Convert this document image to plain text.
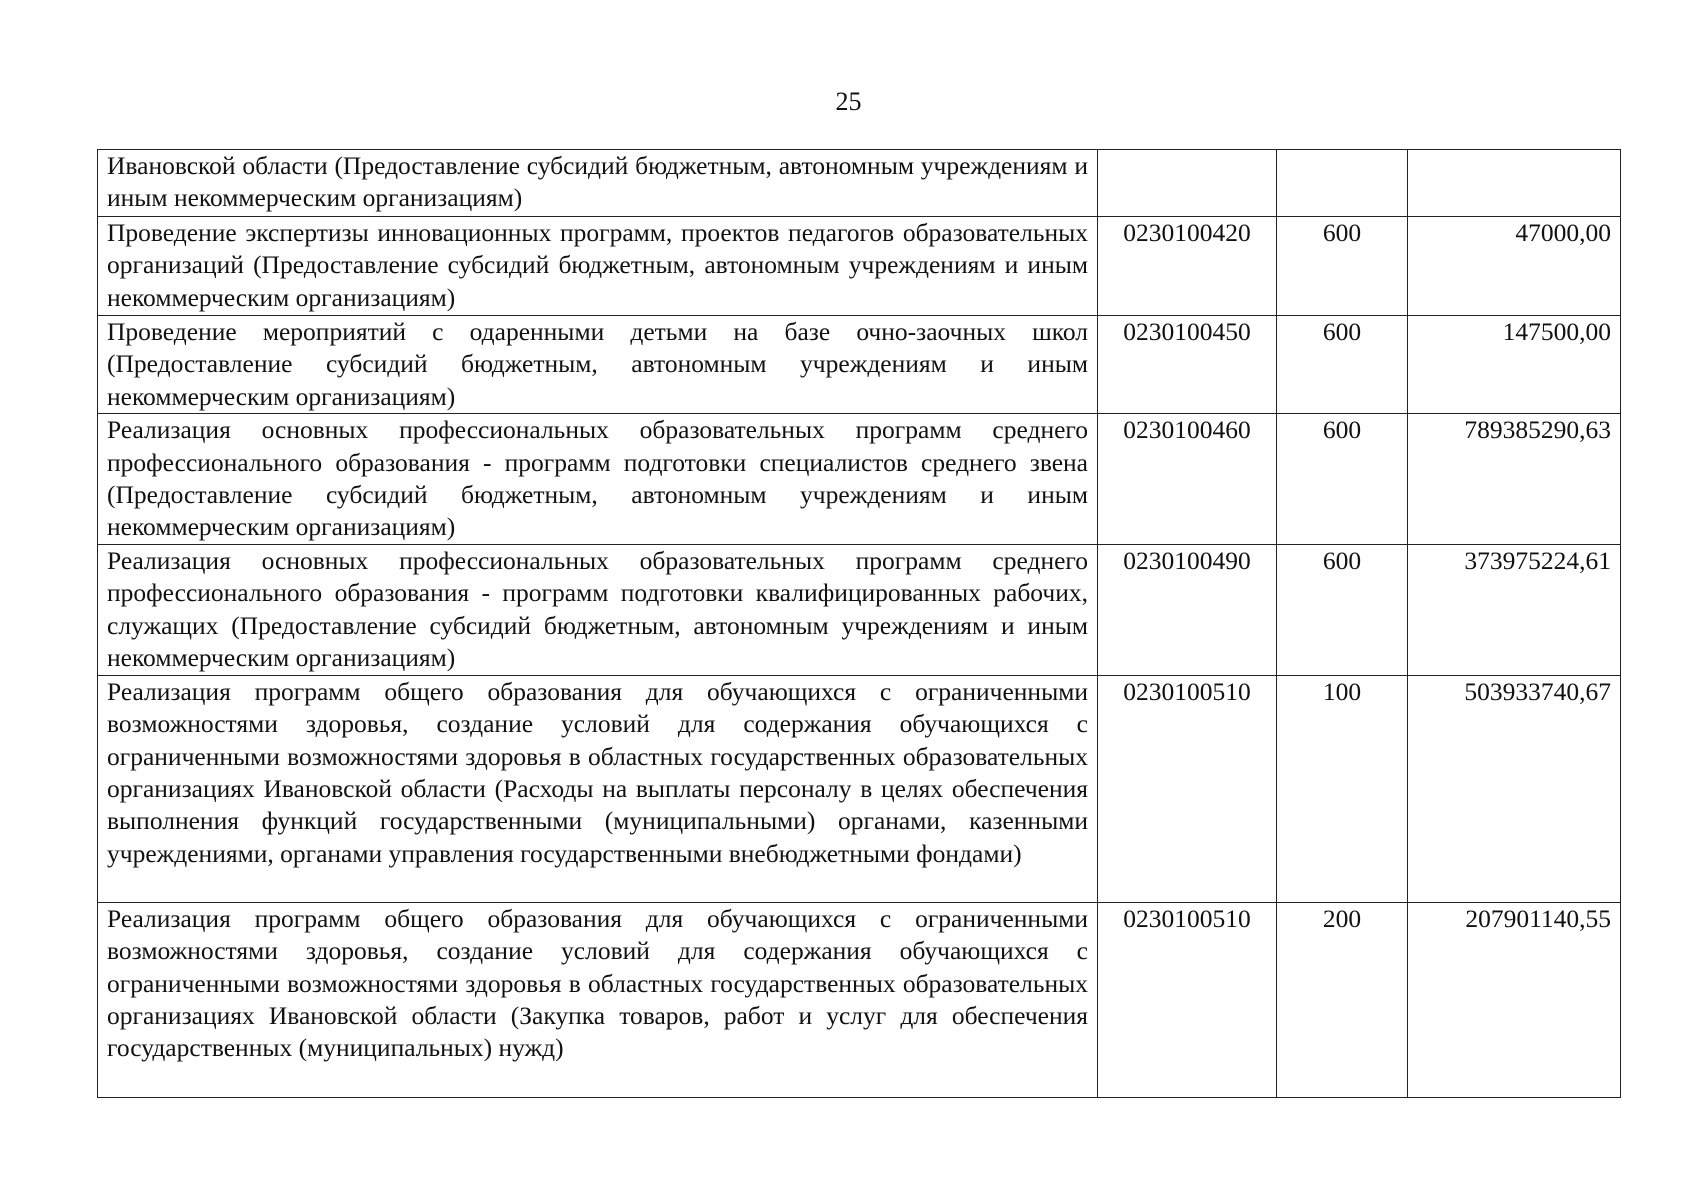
25
Ивановской области (Предоставление субсидий бюджетным, автономным учреждениям и иным некоммерческим организациям)			
Проведение экспертизы инновационных программ, проектов педагогов образовательных организаций (Предоставление субсидий бюджетным, автономным учреждениям и иным некоммерческим организациям)	0230100420	600	47000,00
Проведение мероприятий с одаренными детьми на базе очно-заочных школ (Предоставление субсидий бюджетным, автономным учреждениям и иным некоммерческим организациям)	0230100450	600	147500,00
Реализация основных профессиональных образовательных программ среднего профессионального образования - программ подготовки специалистов среднего звена (Предоставление субсидий бюджетным, автономным учреждениям и иным некоммерческим организациям)	0230100460	600	789385290,63
Реализация основных профессиональных образовательных программ среднего профессионального образования - программ подготовки квалифицированных рабочих, служащих (Предоставление субсидий бюджетным, автономным учреждениям и иным некоммерческим организациям)	0230100490	600	373975224,61
Реализация программ общего образования для обучающихся с ограниченными возможностями здоровья, создание условий для содержания обучающихся с ограниченными возможностями здоровья в областных государственных образовательных организациях Ивановской области (Расходы на выплаты персоналу в целях обеспечения выполнения функций государственными (муниципальными) органами, казенными учреждениями, органами управления государственными внебюджетными фондами)	0230100510	100	503933740,67
Реализация программ общего образования для обучающихся с ограниченными возможностями здоровья, создание условий для содержания обучающихся с ограниченными возможностями здоровья в областных государственных образовательных организациях Ивановской области (Закупка товаров, работ и услуг для обеспечения государственных (муниципальных) нужд)	0230100510	200	207901140,55
